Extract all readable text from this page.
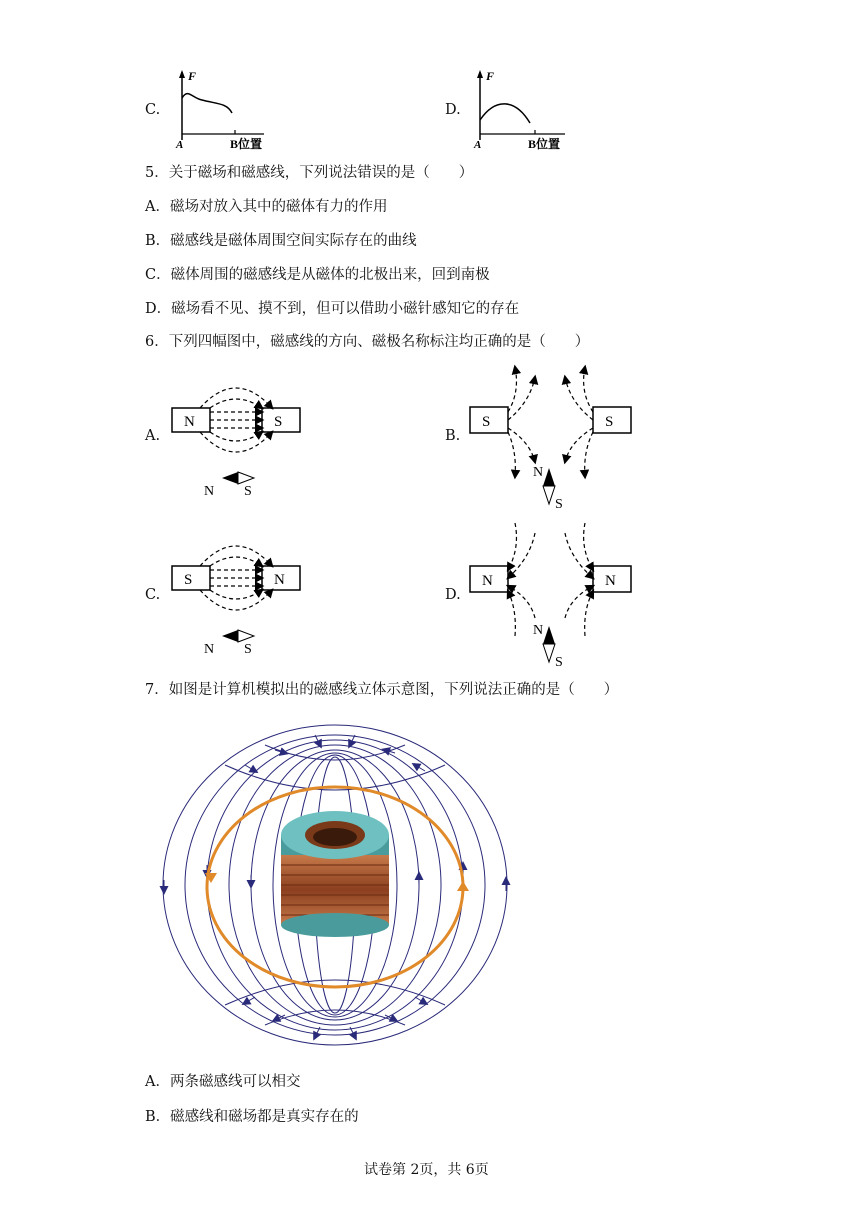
C.
F
A	B位置
D.
F
A	B位置
5．关于磁场和磁感线，下列说法错误的是（　　）
A．磁场对放入其中的磁体有力的作用
B．磁感线是磁体周围空间实际存在的曲线
C．磁体周围的磁感线是从磁体的北极出来，回到南极
D．磁场看不见、摸不到，但可以借助小磁针感知它的存在
6．下列四幅图中，磁感线的方向、磁极名称标注均正确的是（　　）
A.
N	S
N S
B.
S	S
N
S
C.
S	N
N S
D.
N	N
N
S
7．如图是计算机模拟出的磁感线立体示意图，下列说法正确的是（　　）
A．两条磁感线可以相交
B．磁感线和磁场都是真实存在的
试卷第 2页，共 6页
